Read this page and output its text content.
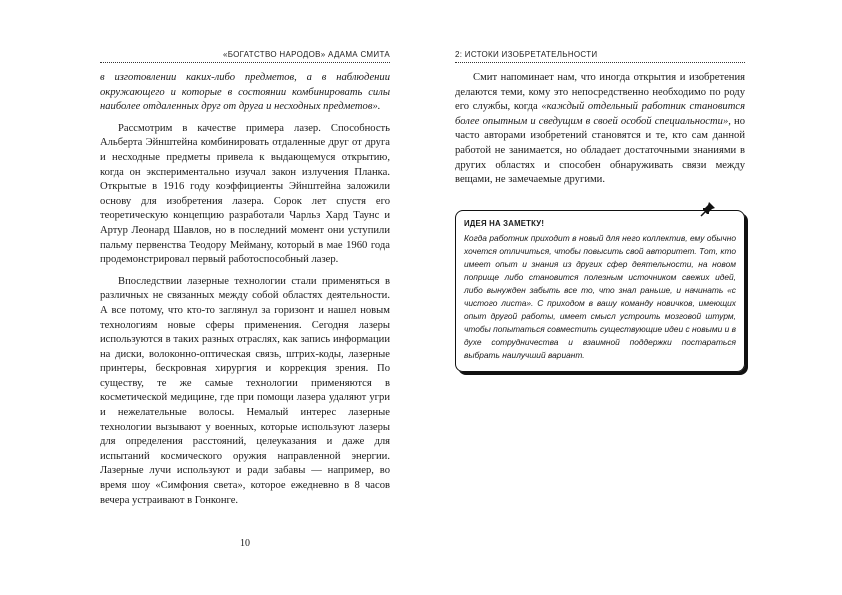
«БОГАТСТВО НАРОДОВ» АДАМА СМИТА

в изготовлении каких-либо предметов, а в наблюдении окружающего и которые в состоянии комбинировать силы наиболее отдаленных друг от друга и несходных предметов».

Рассмотрим в качестве примера лазер. Способность Альберта Эйнштейна комбинировать отдаленные друг от друга и несходные предметы привела к выдающемуся открытию, когда он экспериментально изучал закон излучения Планка. Открытые в 1916 году коэффициенты Эйнштейна заложили основу для изобретения лазера. Сорок лет спустя его теоретическую концепцию разработали Чарльз Хард Таунс и Артур Леонард Шавлов, но в последний момент они уступили пальму первенства Теодору Мейману, который в мае 1960 года продемонстрировал первый работоспособный лазер.

Впоследствии лазерные технологии стали применяться в различных не связанных между собой областях деятельности. А все потому, что кто-то заглянул за горизонт и нашел новым технологиям новые сферы применения. Сегодня лазеры используются в таких разных отраслях, как запись информации на диски, волоконно-оптическая связь, штрих-коды, лазерные принтеры, бескровная хирургия и коррекция зрения. По существу, те же самые технологии применяются в косметической медицине, где при помощи лазера удаляют угри и нежелательные волосы. Немалый интерес лазерные технологии вызывают у военных, которые используют лазеры для определения расстояний, целеуказания и даже для испытаний космического оружия направленной энергии. Лазерные лучи используют и ради забавы — например, во время шоу «Симфония света», которое ежедневно в 8 часов вечера устраивают в Гонконге.

10
2: ИСТОКИ ИЗОБРЕТАТЕЛЬНОСТИ

Смит напоминает нам, что иногда открытия и изобретения делаются теми, кому это непосредственно необходимо по роду его службы, когда «каждый отдельный работник становится более опытным и сведущим в своей особой специальности», но часто авторами изобретений становятся и те, кто сам данной работой не занимается, но обладает достаточными знаниями в других областях и способен обнаруживать связи между вещами, не замечаемые другими.

ИДЕЯ НА ЗАМЕТКУ!
Когда работник приходит в новый для него коллектив, ему обычно хочется отличиться, чтобы повысить свой авторитет. Тот, кто имеет опыт и знания из других сфер деятельности, на новом поприще либо становится полезным источником свежих идей, либо вынужден забыть все то, что знал раньше, и начинать «с чистого листа». С приходом в вашу команду новичков, имеющих опыт другой работы, имеет смысл устроить мозговой штурм, чтобы попытаться совместить существующие идеи с новыми и в духе сотрудничества и взаимной поддержки постараться выбрать наилучший вариант.
